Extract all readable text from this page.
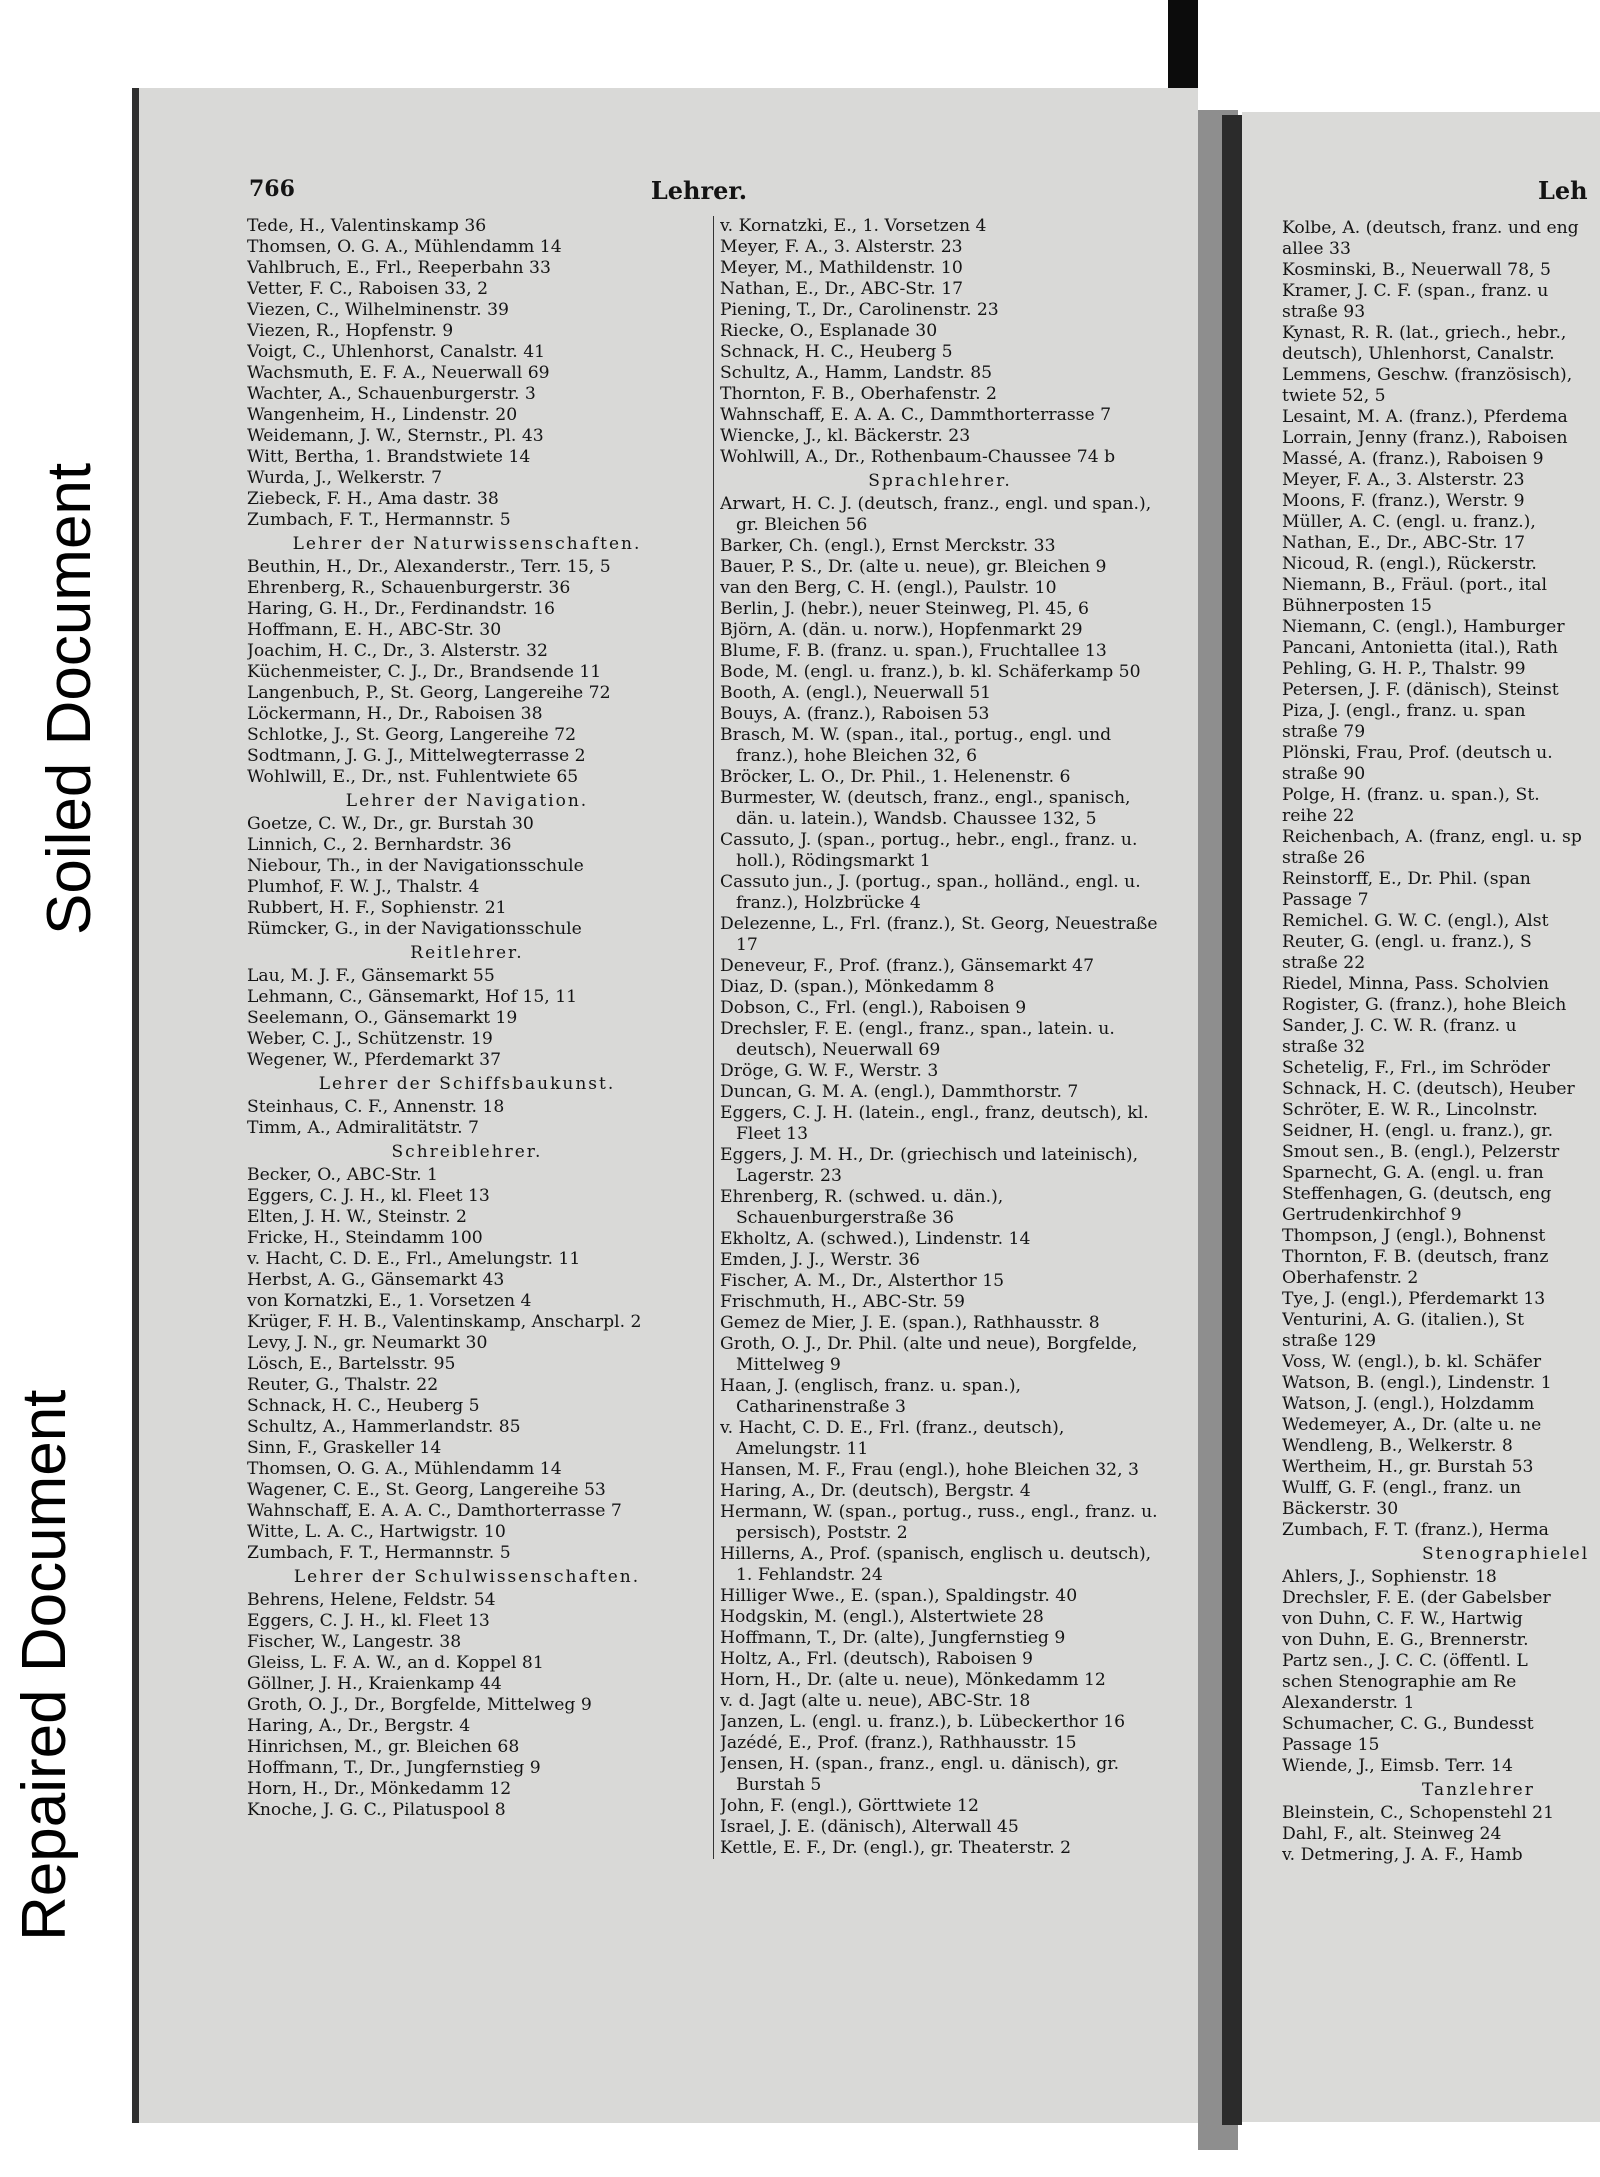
Soiled Document
Repaired Document
766	Lehrer.
Tede, H., Valentinskamp 36
Thomsen, O. G. A., Mühlendamm 14
Vahlbruch, E., Frl., Reeperbahn 33
Vetter, F. C., Raboisen 33, 2
Viezen, C., Wilhelminenstr. 39
Viezen, R., Hopfenstr. 9
Voigt, C., Uhlenhorst, Canalstr. 41
Wachsmuth, E. F. A., Neuerwall 69
Wachter, A., Schauenburgerstr. 3
Wangenheim, H., Lindenstr. 20
Weidemann, J. W., Sternstr., Pl. 43
Witt, Bertha, 1. Brandstwiete 14
Wurda, J., Welkerstr. 7
Ziebeck, F. H., Ama dastr. 38
Zumbach, F. T., Hermannstr. 5
Lehrer der Naturwissenschaften.
Beuthin, H., Dr., Alexanderstr., Terr. 15, 5
Ehrenberg, R., Schauenburgerstr. 36
Haring, G. H., Dr., Ferdinandstr. 16
Hoffmann, E. H., ABC-Str. 30
Joachim, H. C., Dr., 3. Alsterstr. 32
Küchenmeister, C. J., Dr., Brandsende 11
Langenbuch, P., St. Georg, Langereihe 72
Löckermann, H., Dr., Raboisen 38
Schlotke, J., St. Georg, Langereihe 72
Sodtmann, J. G. J., Mittelwegterrasse 2
Wohlwill, E., Dr., nst. Fuhlentwiete 65
Lehrer der Navigation.
Goetze, C. W., Dr., gr. Burstah 30
Linnich, C., 2. Bernhardstr. 36
Niebour, Th., in der Navigationsschule
Plumhof, F. W. J., Thalstr. 4
Rubbert, H. F., Sophienstr. 21
Rümcker, G., in der Navigationsschule
Reitlehrer.
Lau, M. J. F., Gänsemarkt 55
Lehmann, C., Gänsemarkt, Hof 15, 11
Seelemann, O., Gänsemarkt 19
Weber, C. J., Schützenstr. 19
Wegener, W., Pferdemarkt 37
Lehrer der Schiffsbaukunst.
Steinhaus, C. F., Annenstr. 18
Timm, A., Admiralitätstr. 7
Schreiblehrer.
Becker, O., ABC-Str. 1
Eggers, C. J. H., kl. Fleet 13
Elten, J. H. W., Steinstr. 2
Fricke, H., Steindamm 100
v. Hacht, C. D. E., Frl., Amelungstr. 11
Herbst, A. G., Gänsemarkt 43
von Kornatzki, E., 1. Vorsetzen 4
Krüger, F. H. B., Valentinskamp, Anscharpl. 2
Levy, J. N., gr. Neumarkt 30
Lösch, E., Bartelsstr. 95
Reuter, G., Thalstr. 22
Schnack, H. C., Heuberg 5
Schultz, A., Hammerlandstr. 85
Sinn, F., Graskeller 14
Thomsen, O. G. A., Mühlendamm 14
Wagener, C. E., St. Georg, Langereihe 53
Wahnschaff, E. A. A. C., Damthorterrasse 7
Witte, L. A. C., Hartwigstr. 10
Zumbach, F. T., Hermannstr. 5
Lehrer der Schulwissenschaften.
Behrens, Helene, Feldstr. 54
Eggers, C. J. H., kl. Fleet 13
Fischer, W., Langestr. 38
Gleiss, L. F. A. W., an d. Koppel 81
Göllner, J. H., Kraienkamp 44
Groth, O. J., Dr., Borgfelde, Mittelweg 9
Haring, A., Dr., Bergstr. 4
Hinrichsen, M., gr. Bleichen 68
Hoffmann, T., Dr., Jungfernstieg 9
Horn, H., Dr., Mönkedamm 12
Knoche, J. G. C., Pilatuspool 8
v. Kornatzki, E., 1. Vorsetzen 4
Meyer, F. A., 3. Alsterstr. 23
Meyer, M., Mathildenstr. 10
Nathan, E., Dr., ABC-Str. 17
Piening, T., Dr., Carolinenstr. 23
Riecke, O., Esplanade 30
Schnack, H. C., Heuberg 5
Schultz, A., Hamm, Landstr. 85
Thornton, F. B., Oberhafenstr. 2
Wahnschaff, E. A. A. C., Dammthorterrasse 7
Wiencke, J., kl. Bäckerstr. 23
Wohlwill, A., Dr., Rothenbaum-Chaussee 74 b
Sprachlehrer.
Arwart, H. C. J. (deutsch, franz., engl. und span.), gr. Bleichen 56
Barker, Ch. (engl.), Ernst Merckstr. 33
Bauer, P. S., Dr. (alte u. neue), gr. Bleichen 9
van den Berg, C. H. (engl.), Paulstr. 10
Berlin, J. (hebr.), neuer Steinweg, Pl. 45, 6
Björn, A. (dän. u. norw.), Hopfenmarkt 29
Blume, F. B. (franz. u. span.), Fruchtallee 13
Bode, M. (engl. u. franz.), b. kl. Schäferkamp 50
Booth, A. (engl.), Neuerwall 51
Bouys, A. (franz.), Raboisen 53
Brasch, M. W. (span., ital., portug., engl. und franz.), hohe Bleichen 32, 6
Bröcker, L. O., Dr. Phil., 1. Helenenstr. 6
Burmester, W. (deutsch, franz., engl., spanisch, dän. u. latein.), Wandsb. Chaussee 132, 5
Cassuto, J. (span., portug., hebr., engl., franz. u. holl.), Rödingsmarkt 1
Cassuto jun., J. (portug., span., holländ., engl. u. franz.), Holzbrücke 4
Delezenne, L., Frl. (franz.), St. Georg, Neuestraße 17
Deneveur, F., Prof. (franz.), Gänsemarkt 47
Diaz, D. (span.), Mönkedamm 8
Dobson, C., Frl. (engl.), Raboisen 9
Drechsler, F. E. (engl., franz., span., latein. u. deutsch), Neuerwall 69
Dröge, G. W. F., Werstr. 3
Duncan, G. M. A. (engl.), Dammthorstr. 7
Eggers, C. J. H. (latein., engl., franz, deutsch), kl. Fleet 13
Eggers, J. M. H., Dr. (griechisch und lateinisch), Lagerstr. 23
Ehrenberg, R. (schwed. u. dän.), Schauenburgerstraße 36
Ekholtz, A. (schwed.), Lindenstr. 14
Emden, J. J., Werstr. 36
Fischer, A. M., Dr., Alsterthor 15
Frischmuth, H., ABC-Str. 59
Gemez de Mier, J. E. (span.), Rathhausstr. 8
Groth, O. J., Dr. Phil. (alte und neue), Borgfelde, Mittelweg 9
Haan, J. (englisch, franz. u. span.), Catharinenstraße 3
v. Hacht, C. D. E., Frl. (franz., deutsch), Amelungstr. 11
Hansen, M. F., Frau (engl.), hohe Bleichen 32, 3
Haring, A., Dr. (deutsch), Bergstr. 4
Hermann, W. (span., portug., russ., engl., franz. u. persisch), Poststr. 2
Hillerns, A., Prof. (spanisch, englisch u. deutsch), 1. Fehlandstr. 24
Hilliger Wwe., E. (span.), Spaldingstr. 40
Hodgskin, M. (engl.), Alstertwiete 28
Hoffmann, T., Dr. (alte), Jungfernstieg 9
Holtz, A., Frl. (deutsch), Raboisen 9
Horn, H., Dr. (alte u. neue), Mönkedamm 12
v. d. Jagt (alte u. neue), ABC-Str. 18
Janzen, L. (engl. u. franz.), b. Lübeckerthor 16
Jazédé, E., Prof. (franz.), Rathhausstr. 15
Jensen, H. (span., franz., engl. u. dänisch), gr. Burstah 5
John, F. (engl.), Görttwiete 12
Israel, J. E. (dänisch), Alterwall 45
Kettle, E. F., Dr. (engl.), gr. Theaterstr. 2
Leh
Kolbe, A. (deutsch, franz. und eng
allee 33
Kosminski, B., Neuerwall 78, 5
Kramer, J. C. F. (span., franz. u
straße 93
Kynast, R. R. (lat., griech., hebr.,
deutsch), Uhlenhorst, Canalstr.
Lemmens, Geschw. (französisch),
twiete 52, 5
Lesaint, M. A. (franz.), Pferdema
Lorrain, Jenny (franz.), Raboisen
Massé, A. (franz.), Raboisen 9
Meyer, F. A., 3. Alsterstr. 23
Moons, F. (franz.), Werstr. 9
Müller, A. C. (engl. u. franz.),
Nathan, E., Dr., ABC-Str. 17
Nicoud, R. (engl.), Rückerstr.
Niemann, B., Fräul. (port., ital
Bühnerposten 15
Niemann, C. (engl.), Hamburger
Pancani, Antonietta (ital.), Rath
Pehling, G. H. P., Thalstr. 99
Petersen, J. F. (dänisch), Steinst
Piza, J. (engl., franz. u. span
straße 79
Plönski, Frau, Prof. (deutsch u.
straße 90
Polge, H. (franz. u. span.), St.
reihe 22
Reichenbach, A. (franz, engl. u. sp
straße 26
Reinstorff, E., Dr. Phil. (span
Passage 7
Remichel. G. W. C. (engl.), Alst
Reuter, G. (engl. u. franz.), S
straße 22
Riedel, Minna, Pass. Scholvien
Rogister, G. (franz.), hohe Bleich
Sander, J. C. W. R. (franz. u
straße 32
Schetelig, F., Frl., im Schröder
Schnack, H. C. (deutsch), Heuber
Schröter, E. W. R., Lincolnstr.
Seidner, H. (engl. u. franz.), gr.
Smout sen., B. (engl.), Pelzerstr
Sparnecht, G. A. (engl. u. fran
Steffenhagen, G. (deutsch, eng
Gertrudenkirchhof 9
Thompson, J (engl.), Bohnenst
Thornton, F. B. (deutsch, franz
Oberhafenstr. 2
Tye, J. (engl.), Pferdemarkt 13
Venturini, A. G. (italien.), St
straße 129
Voss, W. (engl.), b. kl. Schäfer
Watson, B. (engl.), Lindenstr. 1
Watson, J. (engl.), Holzdamm
Wedemeyer, A., Dr. (alte u. ne
Wendleng, B., Welkerstr. 8
Wertheim, H., gr. Burstah 53
Wulff, G. F. (engl., franz. un
Bäckerstr. 30
Zumbach, F. T. (franz.), Herma
Stenographielel
Ahlers, J., Sophienstr. 18
Drechsler, F. E. (der Gabelsber
von Duhn, C. F. W., Hartwig
von Duhn, E. G., Brennerstr.
Partz sen., J. C. C. (öffentl. L
schen Stenographie am Re
Alexanderstr. 1
Schumacher, C. G., Bundesst
Passage 15
Wiende, J., Eimsb. Terr. 14
Tanzlehrer
Bleinstein, C., Schopenstehl 21
Dahl, F., alt. Steinweg 24
v. Detmering, J. A. F., Hamb
